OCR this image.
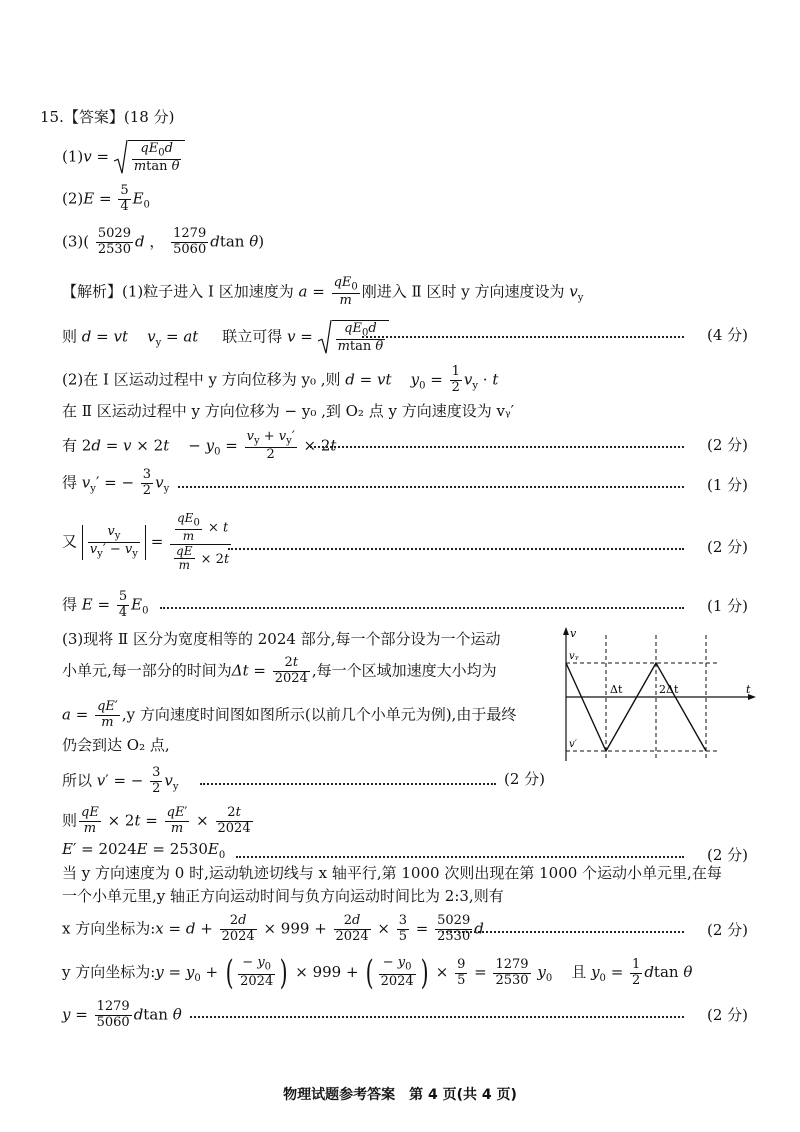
15.【答案】(18 分)
$(1)v = \frac{qE_0d}{\text{mtan θ}}$
$(2)E = \frac{5}{4} E_0$
$(3)( \frac{5029}{2530}$ d ， $\frac{1279}{5060}$ dtan θ)
【解析】(1)粒子进入 Ⅰ 区加速度为 $a = \frac{qE_0}{m}$ 刚进入 Ⅱ 区时 y 方向速度设为 $v_y$
则 d = vt $v_y$ = at 联立可得 $v = \frac{qE_0d}{\text{mtan θ}}$	(4 分)
(2)在 Ⅰ 区运动过程中 y 方向位移为 y₀ ,则 d = vt $y_0 = \frac{1}{2} v_y \cdot t$
在 Ⅱ 区运动过程中 y 方向位移为 − y₀ ,到 O₂ 点 y 方向速度设为 vᵧ′
有 2d = v × 2t    − $y_0 = \frac{v_y + v_y'}{2} \times 2t$	(2 分)
得 $v_y'$ = − $\frac{3}{2} v_y$	(1 分)
又 $\frac{v_y}{v_y' - v_y} = \frac{\frac{qE_0}{m} \times t}{\frac{qE}{m} \times 2t}$	(2 分)
得 $E = \frac{5}{4} E_0$	(1 分)
(3)现将 Ⅱ 区分为宽度相等的 2024 部分,每一个部分设为一个运动
小单元,每一部分的时间为$\Delta t = \frac{2t}{2024}$ ,每一个区域加速度大小均为
$a = \frac{qE'}{m} ,y$ 方向速度时间图如图所示(以前几个小单元为例),由于最终
仍会到达 O₂ 点,
所以 v′ = − $\frac{3}{2} v_y$	(2 分)
则 $\frac{qE}{m} \times 2t = \frac{qE'}{m} \times \frac{2t}{2024}$
$E' = 2024E = 2530E_0$	(2 分)
当 y 方向速度为 0 时,运动轨迹切线与 x 轴平行,第 1000 次则出现在第 1000 个运动小单元里,在每
一个小单元里,y 轴正方向运动时间与负方向运动时间比为 2:3,则有
x 方向坐标为:x = $d + \frac{2d}{2024} \times 999 + \frac{2d}{2024} \times \frac{3}{5} = \frac{5029}{2530}$ d	(2 分)
y 方向坐标为:y = $y_0$ + ( $\frac{- y_0}{2024}$ ) × 999 + ( $\frac{- y_0}{2024}$ ) × $\frac{9}{5} = \frac{1279}{2530} y_0$ 且 $y_0 = \frac{1}{2}$ dtan θ
$y = \frac{1279}{5060}$ dtan θ	(2 分)
v
t
vᵧ
v′
Δt	2Δt
物理试题参考答案　第 4 页(共 4 页)
